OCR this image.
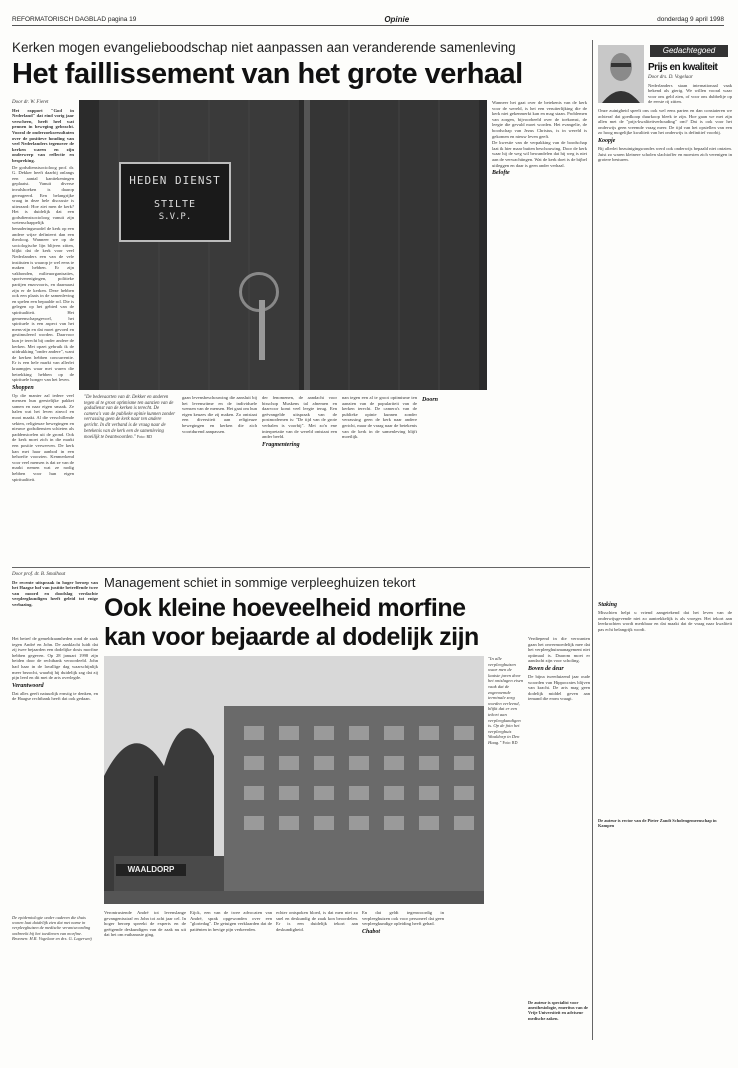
REFORMATORISCH DAGBLAD pagina 19	Opinie	donderdag 9 april 1998
Kerken mogen evangelieboodschap niet aanpassen aan veranderende samenleving
Het faillissement van het grote verhaal
Door dr. W. Fieret

Het rapport "God in Nederland" dat eind vorig jaar verscheen, heeft heel wat pennen in beweging gebracht. Vooral de onderzoeksresultaten over de positieve houding van veel Nederlanders tegenover de kerken waren en zijn onderwerp van reflectie en bespreking.

De godsdienstsocioloog prof. dr. G. Dekker heeft daarbij onlangs een aantal kanttekeningen geplaatst. Vanuit diverse invalshoeken is daarop gereageerd. Een belangrijke vraag in deze hele discussie is uiteraard: Hoe ziet men de kerk? Het is duidelijk dat een godsdienstsocioloog vanuit zijn wetenschappelijk benaderingsmodel de kerk op een andere wijze definieert dan een theoloog. Wanneer we op de sociologische lijn blijven zitten, blijkt dat de kerk voor veel Nederlanders een van de vele instituten is waarop je wel eens te maken hebben. Er zijn vakbonden, milieuorganisaties, sportverenigingen, politieke partijen enzovoorts, en daarnaast zijn er de kerken. Deze hebben ook een plaats in de samenleving en spelen een bepaalde rol. Die is gelegen op het gebied van de spiritualiteit. Het gemeenschapsgevoel, het spirituele is een aspect van het mens-zijn en dat moet gevoed en gestimuleerd worden. Daarvoor kun je terecht bij onder andere de kerken. Met opzet gebruik ik de uitdrukking "onder andere", want de kerken hebben concurrentie. Er is een hele markt van allerlei kraampjes waar met waren die betrekking hebben op de spirituele honger van het leven.

Shoppen

Op die manier zal iedere veel mensen hun geestelijke pakket samen en naar eigen smaak. Ze halen wat het leven zinvol en mooi maakt. Al die verschillende sekten, religieuze bewegingen en nieuwe godsdiensten schieten als paddenstoelen uit de grond. Ook de kerk moet zich in die markt een positie verwerven. De kerk kan met haar aanbod in een behoefte voorzien. Kenmerkend voor veel mensen is dat ze van de markt nemen wat ze nodig hebben voor hun eigen spiritualiteit.

HEDEN DIENST
STILTE
S.V.P.

Wanneer het gaat over de betekenis van de kerk voor de wereld, is het een veruiterlijking die de kerk niet gekenmerkt kan en mag staan. Problemen van zorgen, bijvoorbeeld over de toekomst, de leegte die gevuld moet worden. Het evangelie, de boodschap van Jezus Christus, is in wereld is gekomen en nieuw leven geeft.

De kwestie van de verpakking van de boodschap laat ik hier maar buiten beschouwing. Door de kerk waar hij de weg wil bewandelen dat hij weg is niet aan de verwachtingen. Wat de kerk doet is de bijbel uitleggen en daar is geen ander verhaal.

Belofte
"De bedevaarten van dr. Dekker en anderen tegen al te groot optimisme ten aanzien van de godsdienst van de kerken is terecht. De camera's van de publieke opinie kunnen zonder verrassing geen de kerk naar ten andere gericht. In dit verband is de vraag naar de betekenis van de kerk een de samenleving moeilijk te beantwoorden." Foto: RD

gaan levensbeschouwing die aansluit bij het levensritme en de individuele wensen van de mensen. Het gaat om hun eigen keuzes die zij maken. Zo ontstaat een diversiteit aan religieuze bewegingen en kerken die zich voortdurend aanpassen.

der fenomenen, de aandacht voor bisschop Muskens tal afnemen en daarvoor komt veel leegte terug. Een geëvangelde uitspraak van de postmodernen is: "De tijd van de grote verhalen is voorbij". Met zo'n ene interpretatie van de wereld ontstaat een ander beeld.

Fragmentering

nan tegen een al te groot optimisme ten aanzien van de populariteit van de kerken terecht. De camera's van de publieke opinie kunnen zonder verrassing geen de kerk naar andere gericht, maar de vraag naar de betekenis van de kerk in de samenleving blijft moeilijk.

Doorn
Gedachtegoed
Prijs en kwaliteit
Door drs. D. Vogelaar

Nederlanders staan internationaal vaak bekend als gierig. We willen vooral waar voor ons geld zien, of voor ons dubbeltje op de eerste rij zitten.

Onze zuinigheid speelt ons ook wel eens parten en dan constateren we achteraf dat goedkoop duurkoop bleek te zijn. Hoe gaan we met zijn allen met de "prijs-kwaliteitverhouding" om? Dat is ook voor het onderwijs geen vreemde vraag meer. De tijd van het opstellen van een zo hoog mogelijke kwaliteit van het onderwijs is definitief voorbij.

Koopje

Bij allerlei bezuinigingsrondes werd ook onderwijs bepaald niet ontzien. Juist zo waren kleinere scholen slachtoffer en moesten zich verenigen in grotere besturen.

Staking

Misschien helpt u vriend aangetekend dat het leven van de onderwijsgevende niet zo aantrekkelijk is als vroeger. Het tekort aan leerkrachten wordt merkbaar en dat maakt dat de vraag naar kwaliteit pas echt belangrijk wordt.

De auteur is rector van de Pieter Zandt Scholengemeenschap in Kampen
Door prof. dr. B. Smalhout

De recente uitspraak in hoger beroep van het Haagse hof van justitie betreffende twee van moord en doodslag verdachte verpleegkundigen heeft geleid tot enige verbazing.

Management schiet in sommige verpleeghuizen tekort
Ook kleine hoeveelheid morfine
kan voor bejaarde al dodelijk zijn

Het betref de gemeldzaamheden rond de zaak tegen André en John. De aanklacht luidt dat zij twee bejaarden een dodelijke dosis morfine hebben gegeven. Op 28 januari 1998 zijn beiden door de rechtbank veroordeeld. John had haar in de lavallige dag waarschijnlijk meer bezocht, waarbij hij duidelijk zag dat zij pijn leed en dit met de arts overlegde.

Verantwoord

Dat alles geeft natuurlijk ernstig te denken, en de Haagse rechtbank heeft dat ook gedaan.

De epidemiologie onder ouderen die thuis wonen laat duidelijk zien dat met name in verpleeghuizen de medische verantwoording ontbreekt bij het toedienen van morfine. Bronnen: H.R. Vogelaar en drs. G. Lagerweij
WAALDORP
"In alle verpleeghuizen waar men de laatste jaren door het ontslagen eisen vaak dat de zogenoemde terminale zorg worden verleend, blijkt dat er een tekort aan verpleegkundigen is. Op de foto het verpleeghuis Waaldorp in Den Haag." Foto: RD

Verdiepend in die verwanten gaan het onvermoedelijk mee dat het verpleeghuismanagement niet optimaal is. Daarom moet er aandacht zijn voor scholing.

Boven de deur

De bijna tweeduizend jaar oude woorden van Hippocrates blijven van kracht. De arts mag geen dodelijk middel geven aan iemand die erom vraagt.

De auteur is specialist voor anesthesiologie, emeritus van de Vrije Universiteit en adviseur medische zaken.

Verontrustende André tot levenslange gevangenisstraf en John tot acht jaar cel. In hoger beroep spreekt de experts en de geëigende deskundigen van de zaak nu uit dat het om euthanasie ging.

Eijck, een van de twee advocaten van André, sprak opgewonden over een "gloriedag". De getuigen verklaarden dat de patiënten in hevige pijn verkeerden.

echter ontspoken bloed, is dat men niet zo snel en deskundig de zaak kon beoordelen. Er is een duidelijk tekort aan deskundigheid.

En dat geldt tegenwoordig in verpleeghuizen ook voor personeel dat geen verpleegkundige opleiding heeft gehad.

Chabot
